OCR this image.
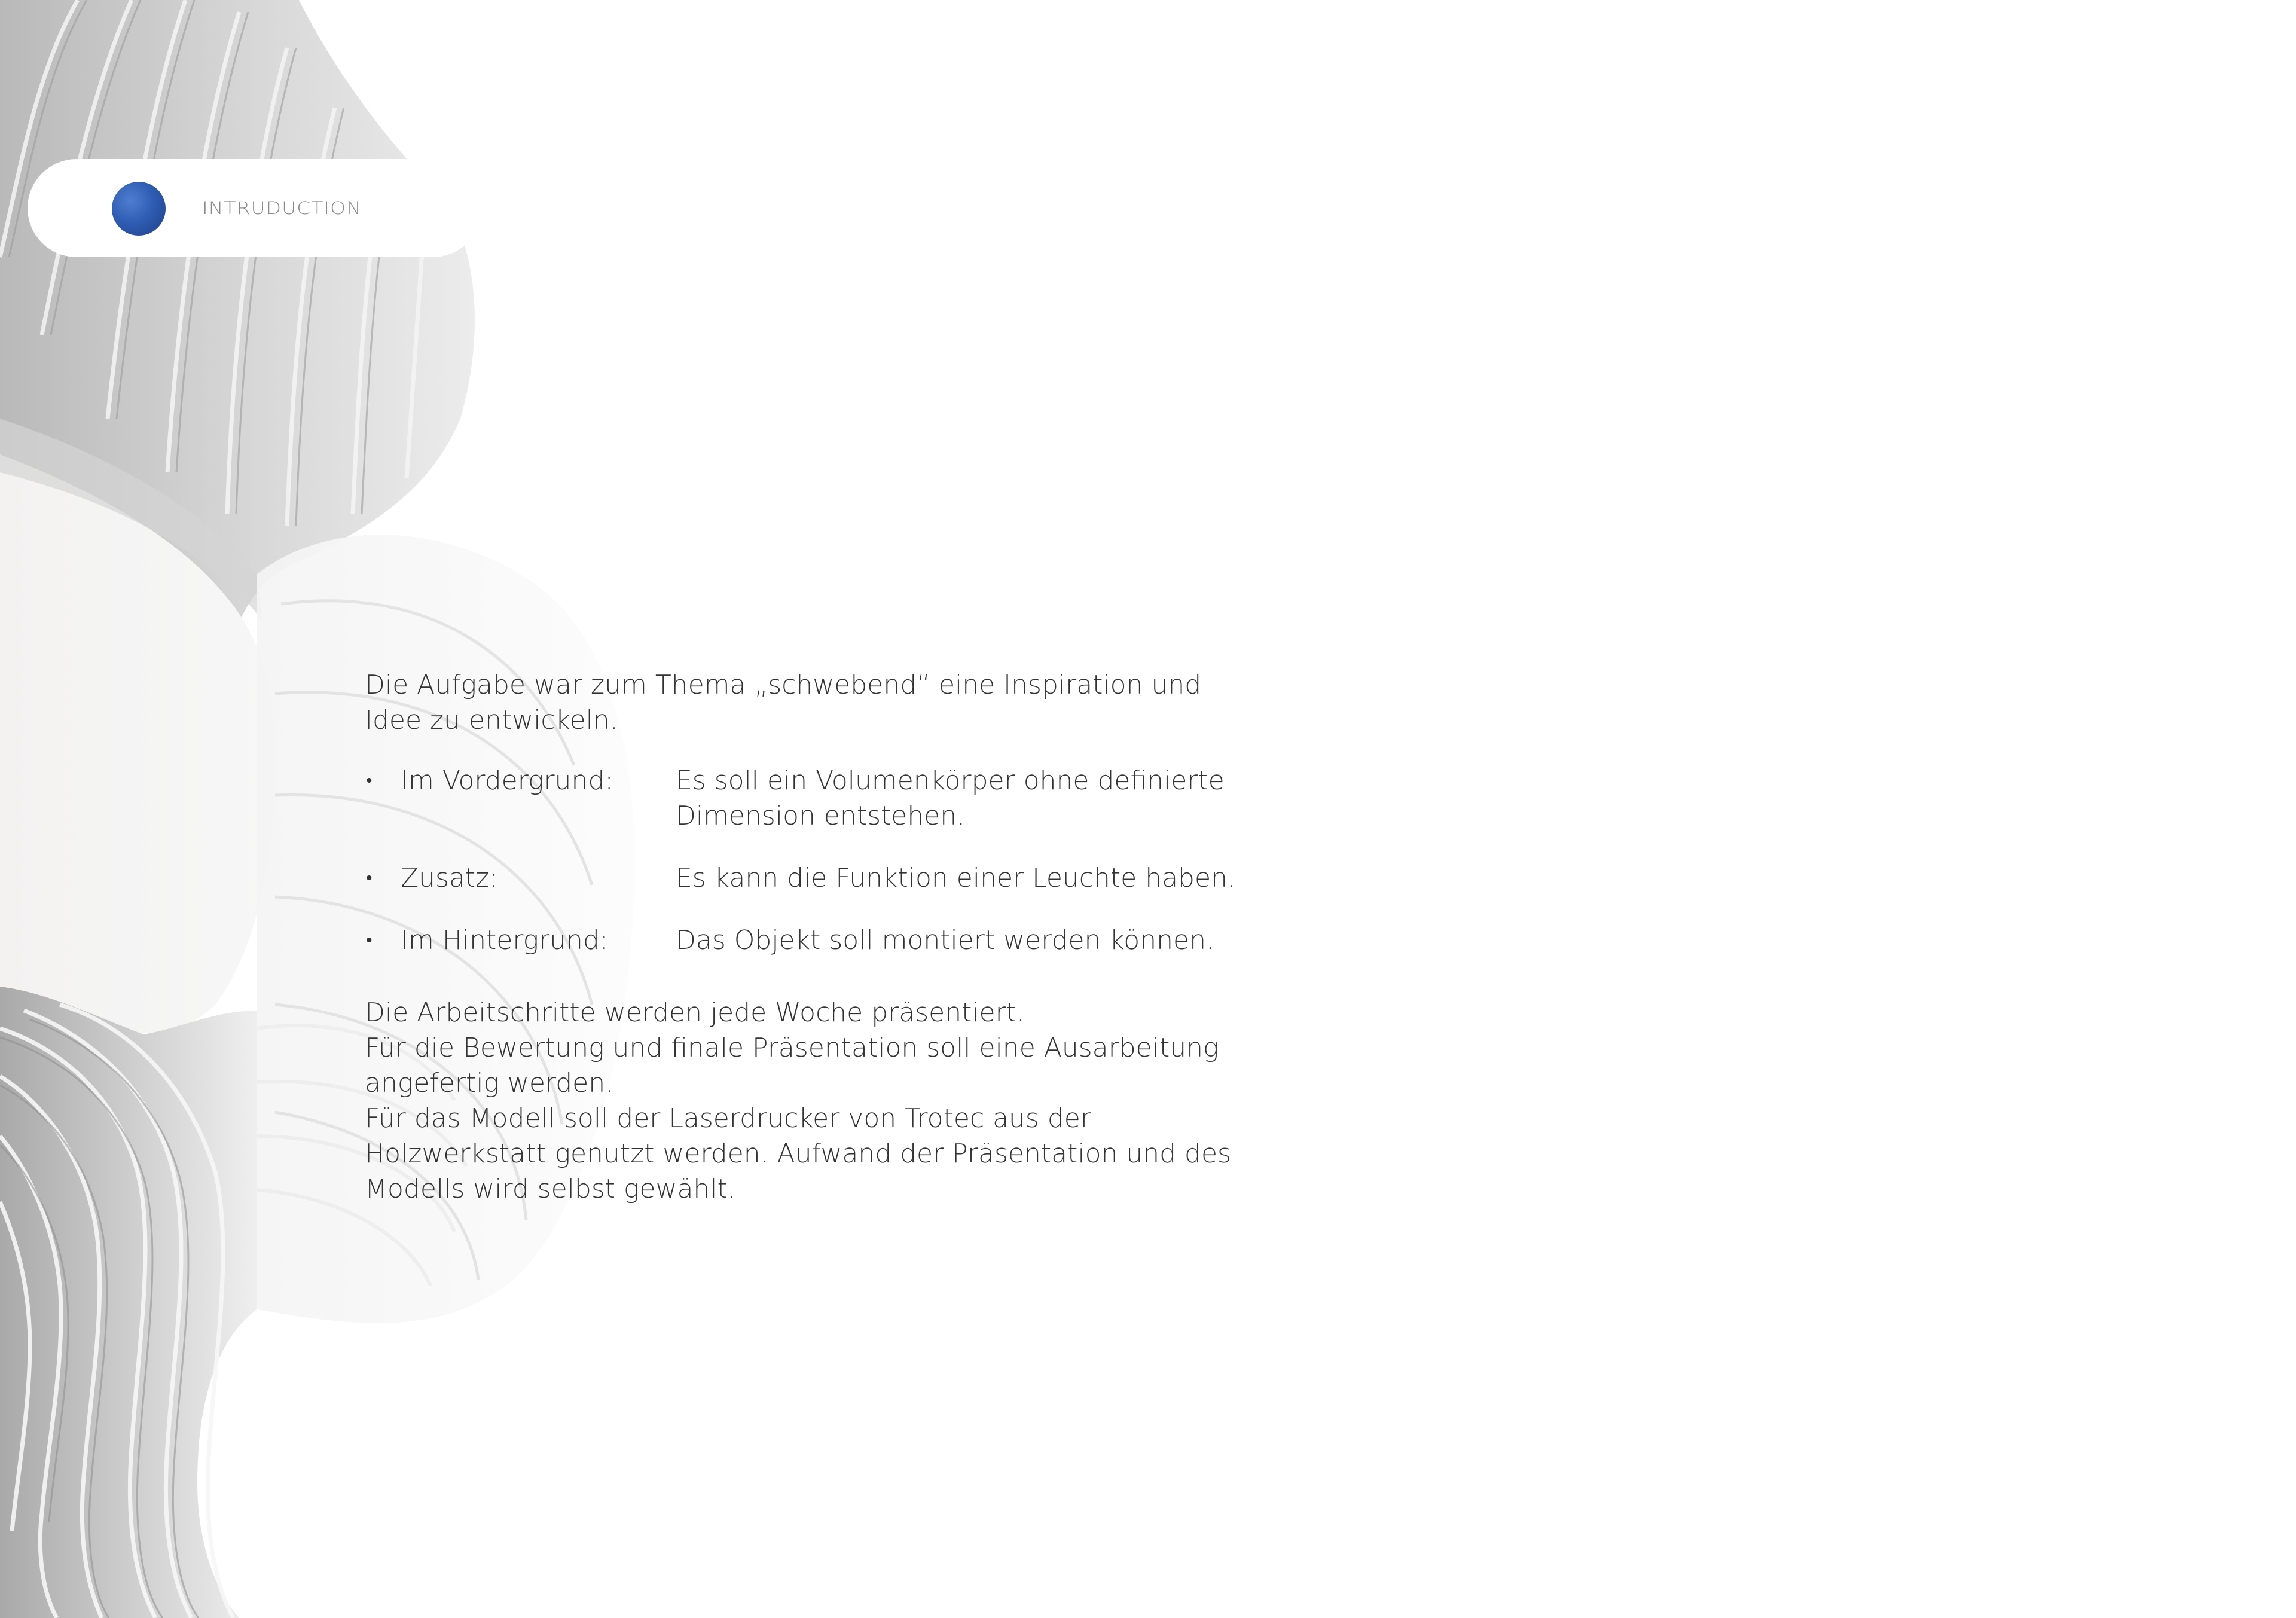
INTRUDUCTION

Die Aufgabe war zum Thema „schwebend“ eine Inspiration und Idee zu entwickeln.

•	Im Vordergrund:	Es soll ein Volumenkörper ohne definierte
Dimension entstehen.
•	Zusatz:	Es kann die Funktion einer Leuchte haben.
•	Im Hintergrund:	Das Objekt soll montiert werden können.
Die Arbeitschritte werden jede Woche präsentiert.
Für die Bewertung und finale Präsentation soll eine Ausarbeitung
angefertig werden.
Für das Modell soll der Laserdrucker von Trotec aus der
Holzwerkstatt genutzt werden. Aufwand der Präsentation und des
Modells wird selbst gewählt.
